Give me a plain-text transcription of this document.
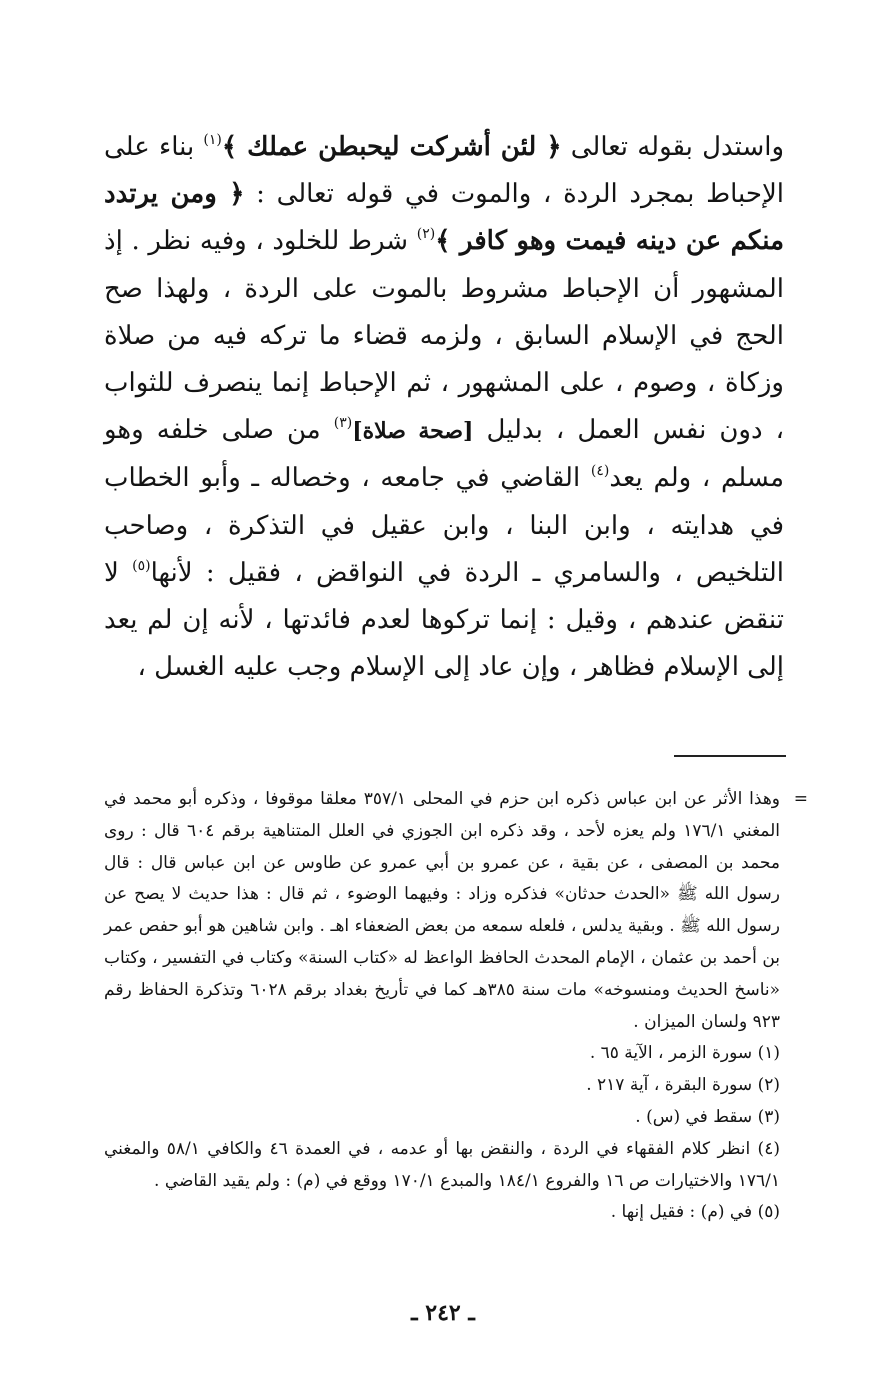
واستدل بقوله تعالى ﴿ لئن أشركت ليحبطن عملك ﴾$^{(١)}$ بناء على الإحباط بمجرد الردة ، والموت في قوله تعالى : ﴿ ومن يرتدد منكم عن دينه فيمت وهو كافر ﴾$^{(٢)}$ شرط للخلود ، وفيه نظر . إذ المشهور أن الإحباط مشروط بالموت على الردة ، ولهذا صح الحج في الإسلام السابق ، ولزمه قضاء ما تركه فيه من صلاة وزكاة ، وصوم ، على المشهور ، ثم الإحباط إنما ينصرف للثواب ، دون نفس العمل ، بدليل [صحة صلاة]$^{(٣)}$ من صلى خلفه وهو مسلم ، ولم يعد$^{(٤)}$ القاضي في جامعه ، وخصاله ـ وأبو الخطاب في هدايته ، وابن البنا ، وابن عقيل في التذكرة ، وصاحب التلخيص ، والسامري ـ الردة في النواقض ، فقيل : لأنها$^{(٥)}$ لا تنقض عندهم ، وقيل : إنما تركوها لعدم فائدتها ، لأنه إن لم يعد إلى الإسلام فظاهر ، وإن عاد إلى الإسلام وجب عليه الغسل ،

=

وهذا الأثر عن ابن عباس ذكره ابن حزم في المحلى ٣٥٧/١ معلقا موقوفا ، وذكره أبو محمد في المغني ١٧٦/١ ولم يعزه لأحد ، وقد ذكره ابن الجوزي في العلل المتناهية برقم ٦٠٤ قال : روى محمد بن المصفى ، عن بقية ، عن عمرو بن أبي عمرو عن طاوس عن ابن عباس قال : قال رسول الله ﷺ «الحدث حدثان» فذكره وزاد : وفيهما الوضوء ، ثم قال : هذا حديث لا يصح عن رسول الله ﷺ . وبقية يدلس ، فلعله سمعه من بعض الضعفاء اهـ . وابن شاهين هو أبو حفص عمر بن أحمد بن عثمان ، الإمام المحدث الحافظ الواعظ له «كتاب السنة» وكتاب في التفسير ، وكتاب «ناسخ الحديث ومنسوخه» مات سنة ٣٨٥هـ كما في تأريخ بغداد برقم ٦٠٢٨ وتذكرة الحفاظ رقم ٩٢٣ ولسان الميزان .

(١) سورة الزمر ، الآية ٦٥ .

(٢) سورة البقرة ، آية ٢١٧ .

(٣) سقط في (س) .

(٤) انظر كلام الفقهاء في الردة ، والنقض بها أو عدمه ، في العمدة ٤٦ والكافي ٥٨/١ والمغني ١٧٦/١ والاختيارات ص ١٦ والفروع ١٨٤/١ والمبدع ١٧٠/١ ووقع في (م) : ولم يقيد القاضي .

(٥) في (م) : فقيل إنها .

ـ ٢٤٢ ـ
